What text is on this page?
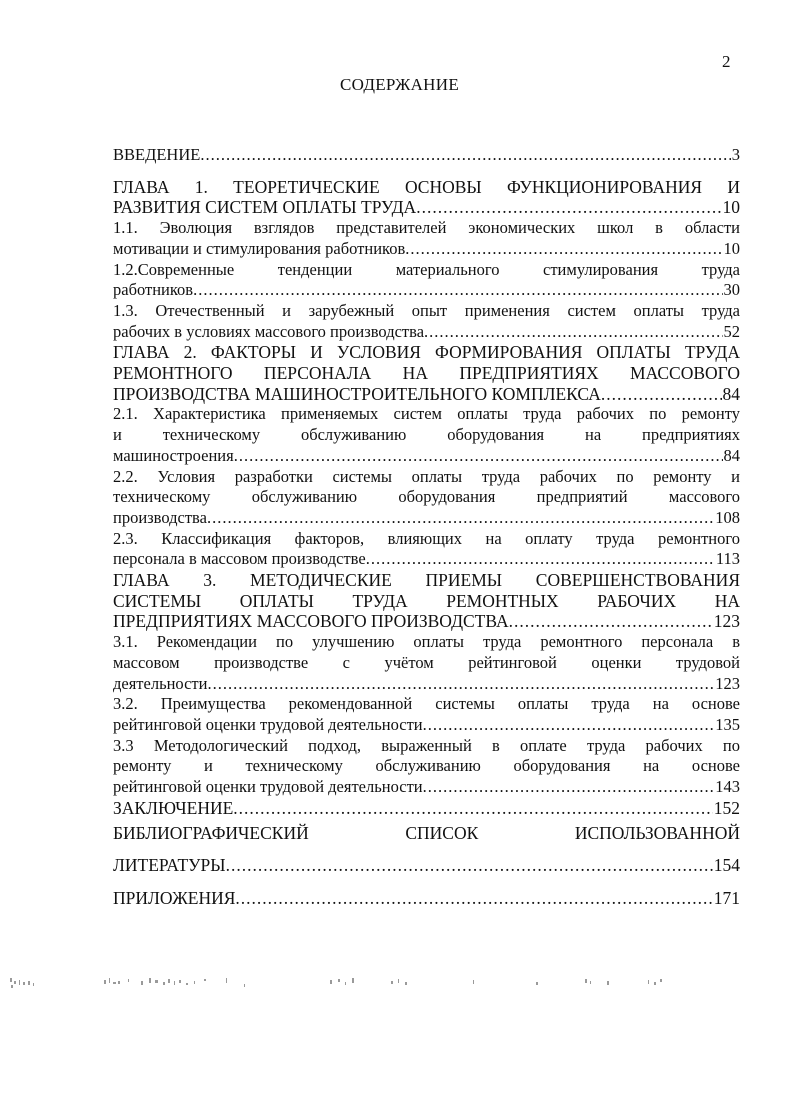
2
СОДЕРЖАНИЕ
ВВЕДЕНИЕ .....	3
ГЛАВА 1. ТЕОРЕТИЧЕСКИЕ ОСНОВЫ ФУНКЦИОНИРОВАНИЯ И
РАЗВИТИЯ СИСТЕМ ОПЛАТЫ ТРУДА .....	10
1.1. Эволюция взглядов представителей экономических школ в области
мотивации и стимулирования работников .....	10
1.2.Современные тенденции материального стимулирования труда
работников .....	30
1.3. Отечественный и зарубежный опыт применения систем оплаты труда
рабочих в условиях массового производства .....	52
ГЛАВА 2. ФАКТОРЫ И УСЛОВИЯ ФОРМИРОВАНИЯ ОПЛАТЫ ТРУДА
РЕМОНТНОГО ПЕРСОНАЛА НА ПРЕДПРИЯТИЯХ МАССОВОГО
ПРОИЗВОДСТВА МАШИНОСТРОИТЕЛЬНОГО КОМПЛЕКСА .....	84
2.1. Характеристика применяемых систем оплаты труда рабочих по ремонту
и техническому обслуживанию оборудования на предприятиях
машиностроения .....	84
2.2. Условия разработки системы оплаты труда рабочих по ремонту и
техническому обслуживанию оборудования предприятий массового
производства .....	108
2.3. Классификация факторов, влияющих на оплату труда ремонтного
персонала в массовом производстве .....	113
ГЛАВА 3. МЕТОДИЧЕСКИЕ ПРИЕМЫ СОВЕРШЕНСТВОВАНИЯ
СИСТЕМЫ ОПЛАТЫ ТРУДА РЕМОНТНЫХ РАБОЧИХ НА
ПРЕДПРИЯТИЯХ МАССОВОГО ПРОИЗВОДСТВА .....	123
3.1. Рекомендации по улучшению оплаты труда ремонтного персонала в
массовом производстве с учётом рейтинговой оценки трудовой
деятельности .....	123
3.2. Преимущества рекомендованной системы оплаты труда на основе
рейтинговой оценки трудовой деятельности .....	135
3.3 Методологический подход, выраженный в оплате труда рабочих по
ремонту и техническому обслуживанию оборудования на основе
рейтинговой оценки трудовой деятельности .....	143
ЗАКЛЮЧЕНИЕ .....	152
БИБЛИОГРАФИЧЕСКИЙ СПИСОК ИСПОЛЬЗОВАННОЙ
ЛИТЕРАТУРЫ .....	154
ПРИЛОЖЕНИЯ .....	171
